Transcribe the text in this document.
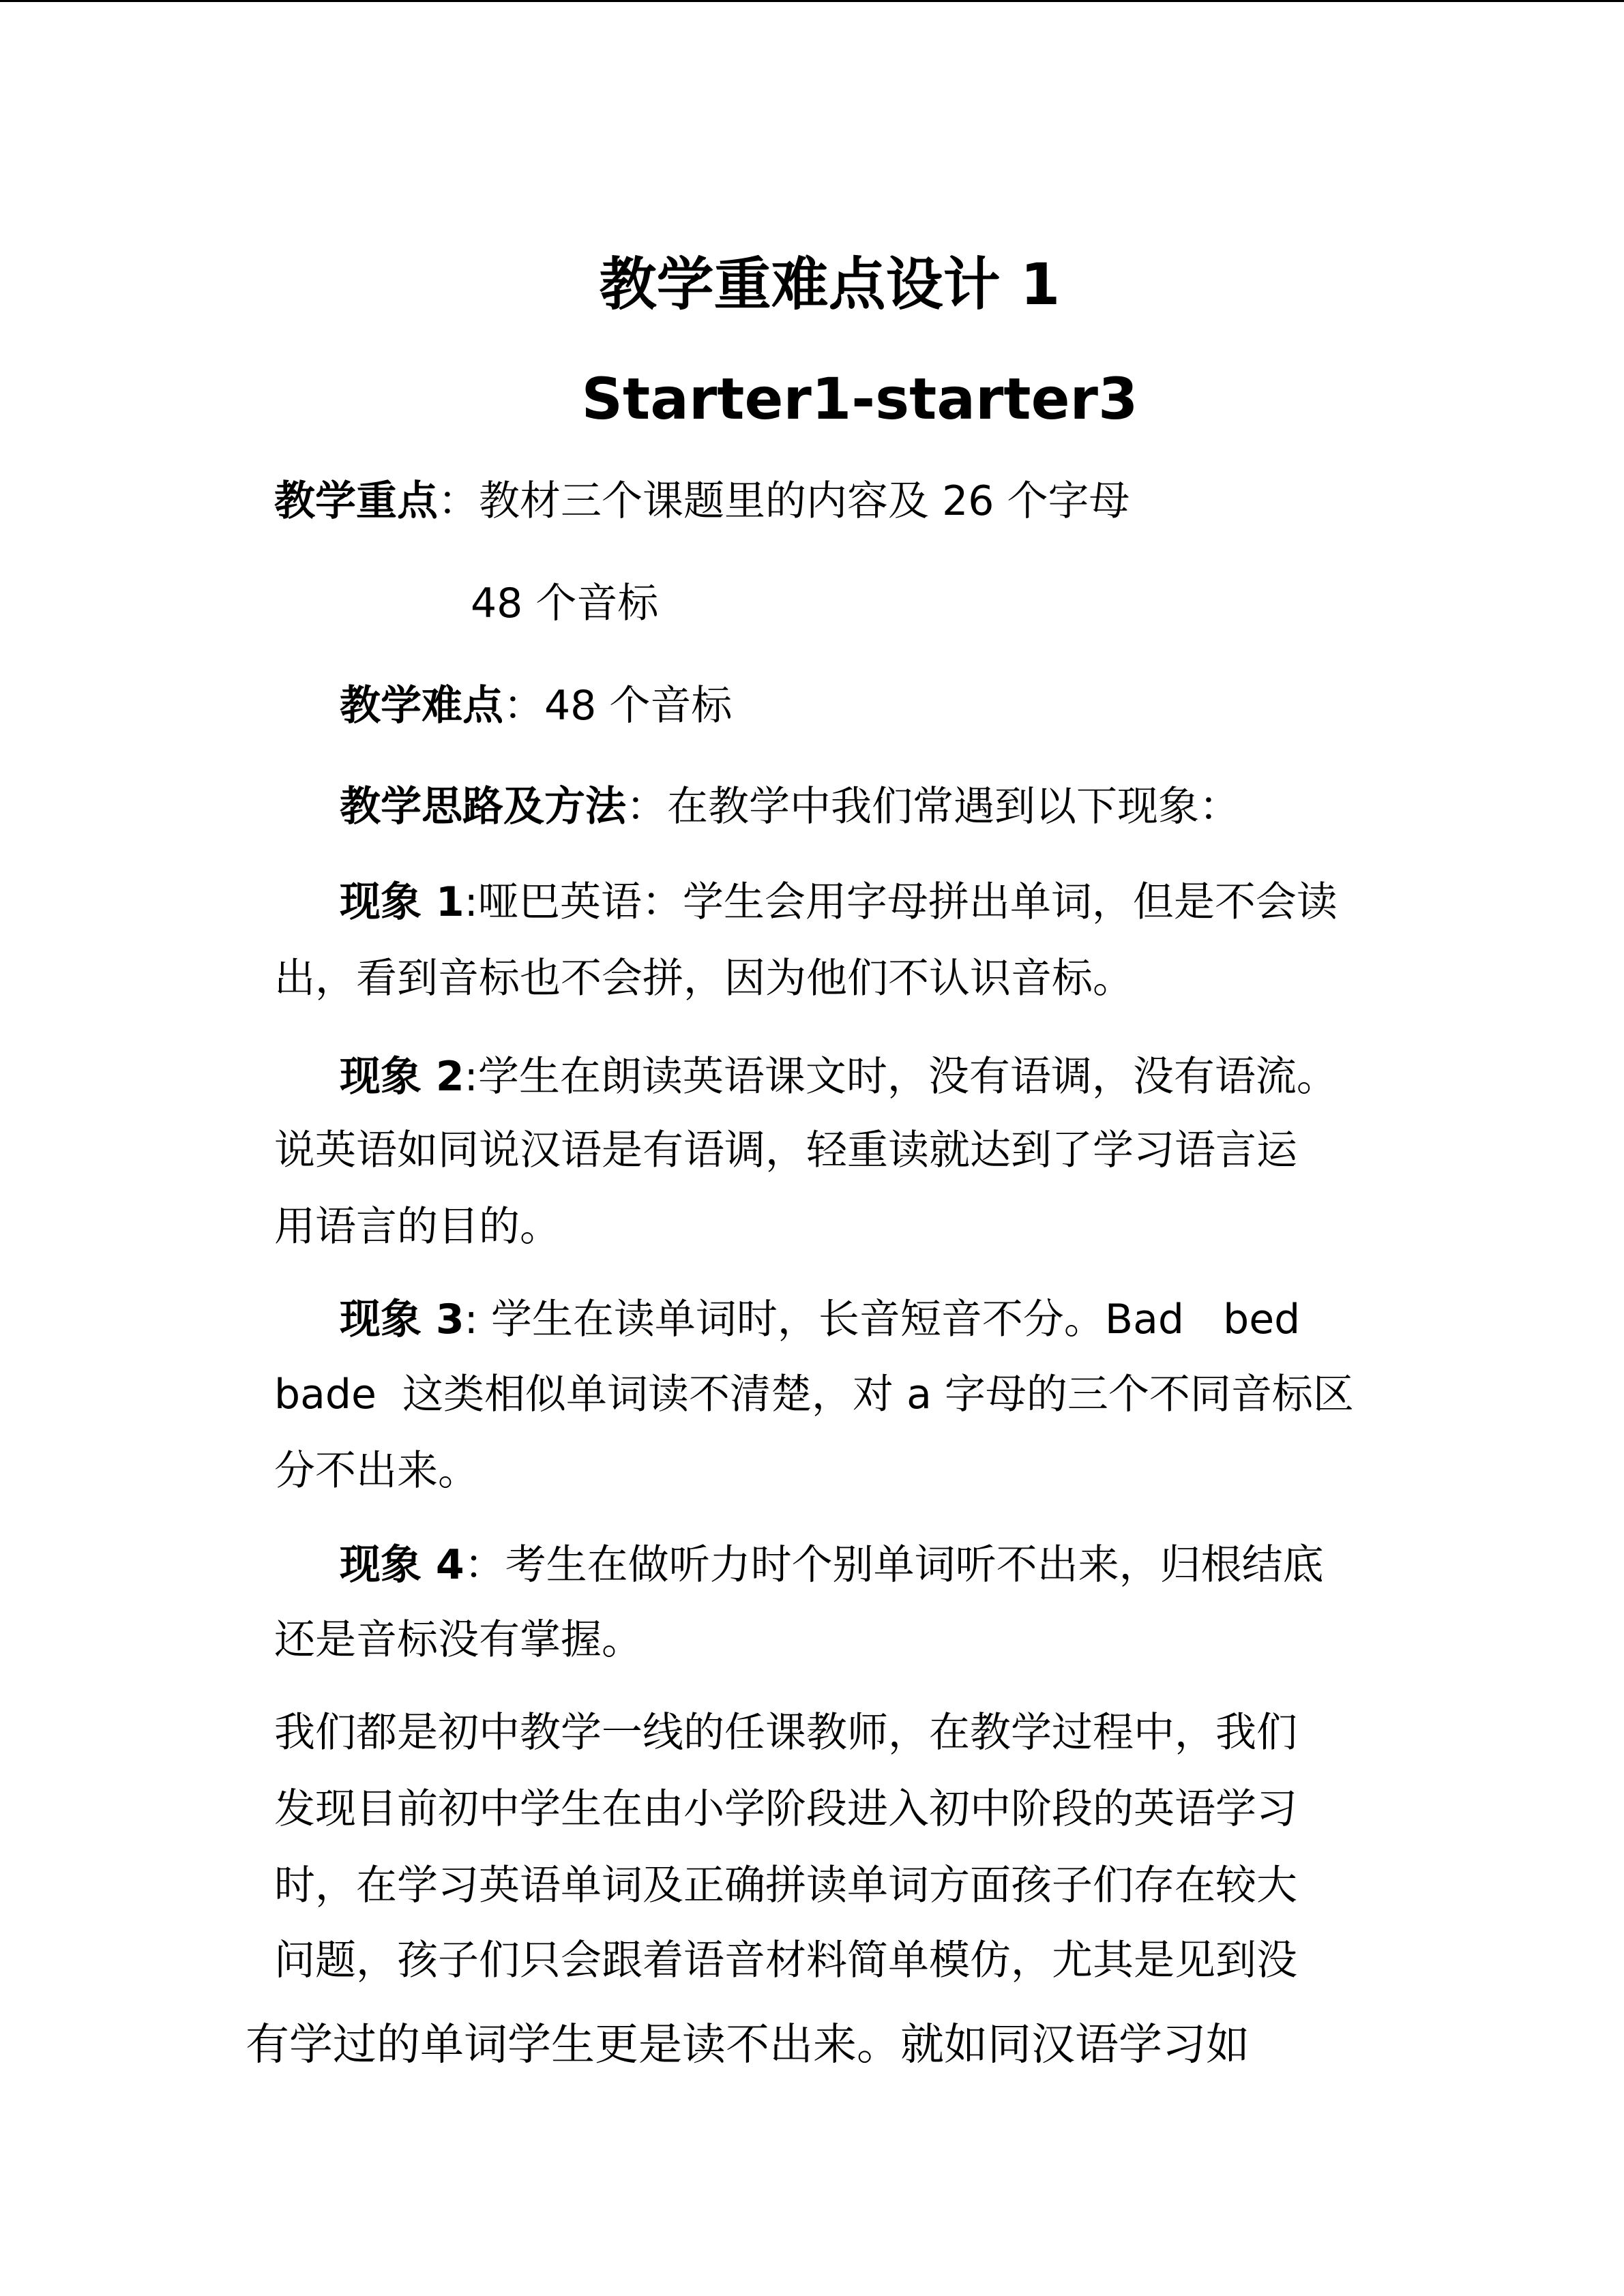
教学重难点设计 1
Starter1-starter3
教学重点：教材三个课题里的内容及 26 个字母
48 个音标
教学难点：48 个音标
教学思路及方法：在教学中我们常遇到以下现象：
现象 1:哑巴英语：学生会用字母拼出单词，但是不会读
出，看到音标也不会拼，因为他们不认识音标。
现象 2:学生在朗读英语课文时，没有语调，没有语流。
说英语如同说汉语是有语调，轻重读就达到了学习语言运
用语言的目的。
现象 3: 学生在读单词时，长音短音不分。Bad   bed
bade  这类相似单词读不清楚，对 a 字母的三个不同音标区
分不出来。
现象 4：考生在做听力时个别单词听不出来，归根结底
还是音标没有掌握。
我们都是初中教学一线的任课教师，在教学过程中，我们
发现目前初中学生在由小学阶段进入初中阶段的英语学习
时，在学习英语单词及正确拼读单词方面孩子们存在较大
问题，孩子们只会跟着语音材料简单模仿，尤其是见到没
有学过的单词学生更是读不出来。就如同汉语学习如
